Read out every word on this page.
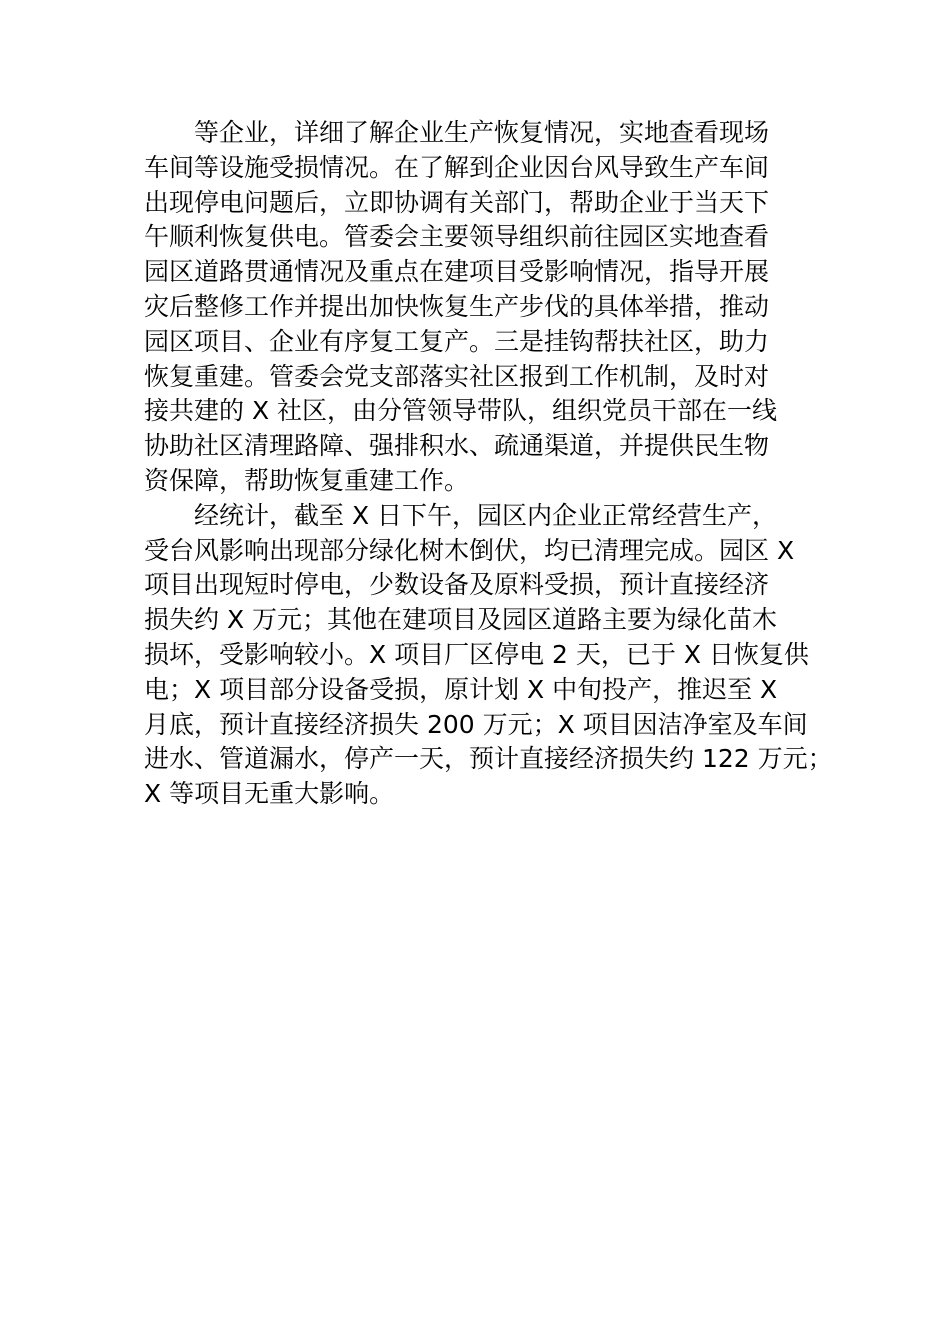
等企业，详细了解企业生产恢复情况，实地查看现场
车间等设施受损情况。在了解到企业因台风导致生产车间
出现停电问题后，立即协调有关部门，帮助企业于当天下
午顺利恢复供电。管委会主要领导组织前往园区实地查看
园区道路贯通情况及重点在建项目受影响情况，指导开展
灾后整修工作并提出加快恢复生产步伐的具体举措，推动
园区项目、企业有序复工复产。三是挂钩帮扶社区，助力
恢复重建。管委会党支部落实社区报到工作机制，及时对
接共建的 X 社区，由分管领导带队，组织党员干部在一线
协助社区清理路障、强排积水、疏通渠道，并提供民生物
资保障，帮助恢复重建工作。
经统计，截至 X 日下午，园区内企业正常经营生产，
受台风影响出现部分绿化树木倒伏，均已清理完成。园区 X
项目出现短时停电，少数设备及原料受损，预计直接经济
损失约 X 万元；其他在建项目及园区道路主要为绿化苗木
损坏，受影响较小。X 项目厂区停电 2 天，已于 X 日恢复供
电；X 项目部分设备受损，原计划 X 中旬投产，推迟至 X
月底，预计直接经济损失 200 万元；X 项目因洁净室及车间
进水、管道漏水，停产一天，预计直接经济损失约 122 万元；
X 等项目无重大影响。
